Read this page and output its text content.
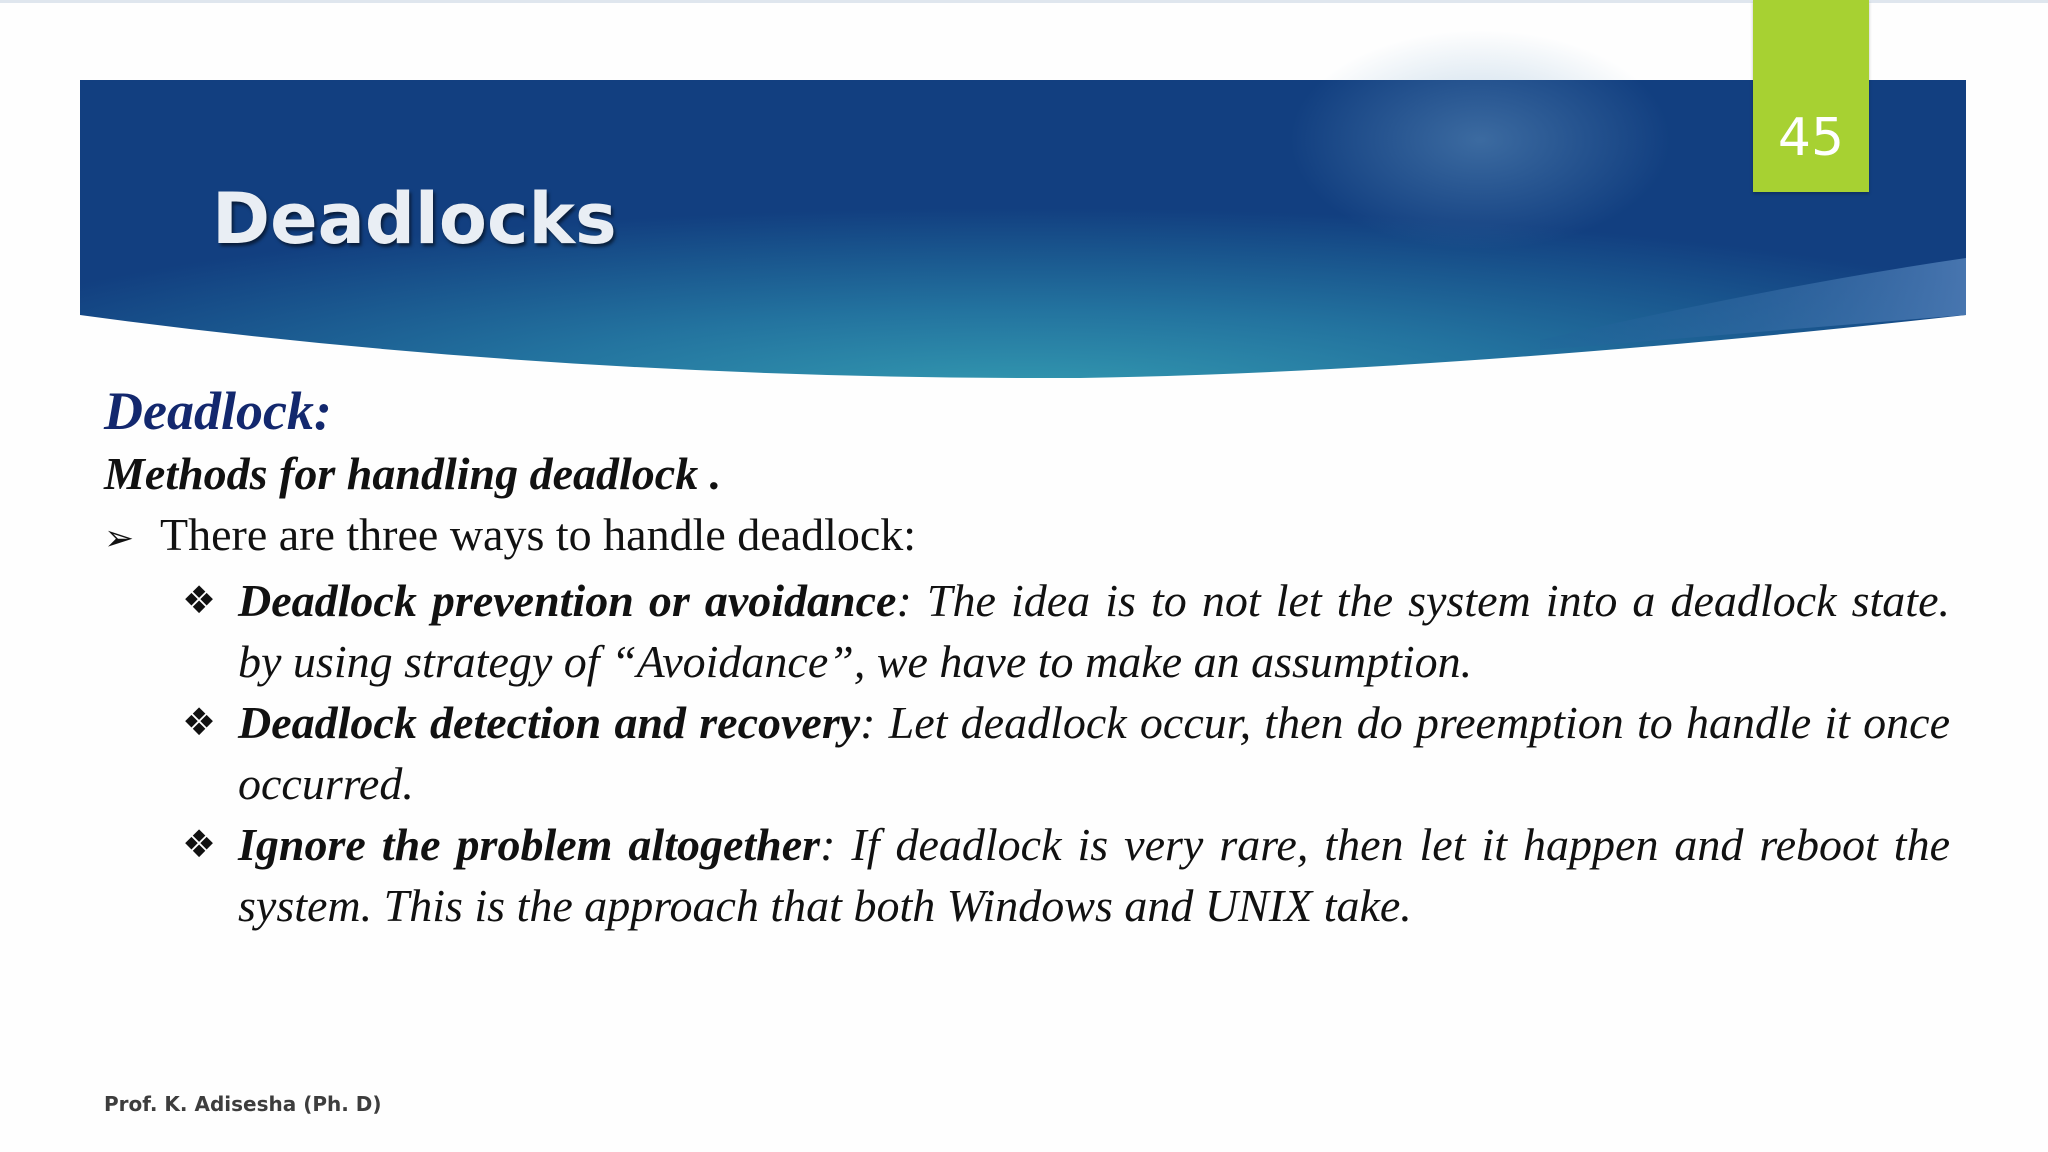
45
Deadlocks
Deadlock:
Methods for handling deadlock .
➢ There are three ways to handle deadlock:
❖ Deadlock prevention or avoidance: The idea is to not let the system into a deadlock state. by using strategy of “Avoidance”, we have to make an assumption.
❖ Deadlock detection and recovery: Let deadlock occur, then do preemption to handle it once occurred.
❖ Ignore the problem altogether: If deadlock is very rare, then let it happen and reboot the system. This is the approach that both Windows and UNIX take.
Prof. K. Adisesha (Ph. D)
